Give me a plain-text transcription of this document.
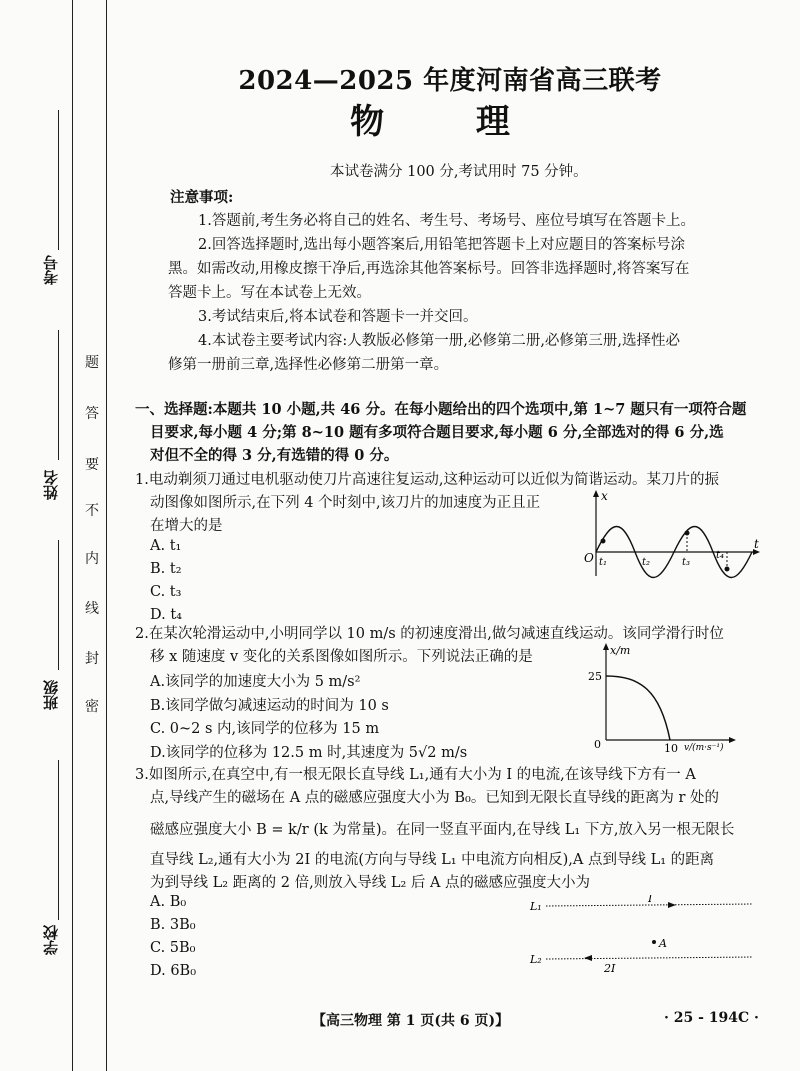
考号
姓名
班级
学校
题
答
要
不
内
线
封
密
2024—2025 年度河南省高三联考
物 理
本试卷满分 100 分,考试用时 75 分钟。
注意事项:
1.答题前,考生务必将自己的姓名、考生号、考场号、座位号填写在答题卡上。
2.回答选择题时,选出每小题答案后,用铅笔把答题卡上对应题目的答案标号涂
黑。如需改动,用橡皮擦干净后,再选涂其他答案标号。回答非选择题时,将答案写在
答题卡上。写在本试卷上无效。
3.考试结束后,将本试卷和答题卡一并交回。
4.本试卷主要考试内容:人教版必修第一册,必修第二册,必修第三册,选择性必
修第一册前三章,选择性必修第二册第一章。
一、选择题:本题共 10 小题,共 46 分。在每小题给出的四个选项中,第 1~7 题只有一项符合题
目要求,每小题 4 分;第 8~10 题有多项符合题目要求,每小题 6 分,全部选对的得 6 分,选
对但不全的得 3 分,有选错的得 0 分。
1.电动剃须刀通过电机驱动使刀片高速往复运动,这种运动可以近似为简谐运动。某刀片的振
动图像如图所示,在下列 4 个时刻中,该刀片的加速度为正且正
在增大的是
A. t₁
B. t₂
C. t₃
D. t₄
x
t
O t₁	t₂	t₃
t₄
2.在某次轮滑运动中,小明同学以 10 m/s 的初速度滑出,做匀减速直线运动。该同学滑行时位
移 x 随速度 v 变化的关系图像如图所示。下列说法正确的是
A.该同学的加速度大小为 5 m/s²
B.该同学做匀减速运动的时间为 10 s
C. 0~2 s 内,该同学的位移为 15 m
D.该同学的位移为 12.5 m 时,其速度为 5√2 m/s
x/m
25
0	10 v/(m·s⁻¹)
3.如图所示,在真空中,有一根无限长直导线 L₁,通有大小为 I 的电流,在该导线下方有一 A
点,导线产生的磁场在 A 点的磁感应强度大小为 B₀。已知到无限长直导线的距离为 r 处的
磁感应强度大小 B = k/r (k 为常量)。在同一竖直平面内,在导线 L₁ 下方,放入另一根无限长
直导线 L₂,通有大小为 2I 的电流(方向与导线 L₁ 中电流方向相反),A 点到导线 L₁ 的距离
为到导线 L₂ 距离的 2 倍,则放入导线 L₂ 后 A 点的磁感应强度大小为
A. B₀
B. 3B₀
C. 5B₀
D. 6B₀
L₁
I
A
L₂
2I
【高三物理 第 1 页(共 6 页)】	· 25 - 194C ·
